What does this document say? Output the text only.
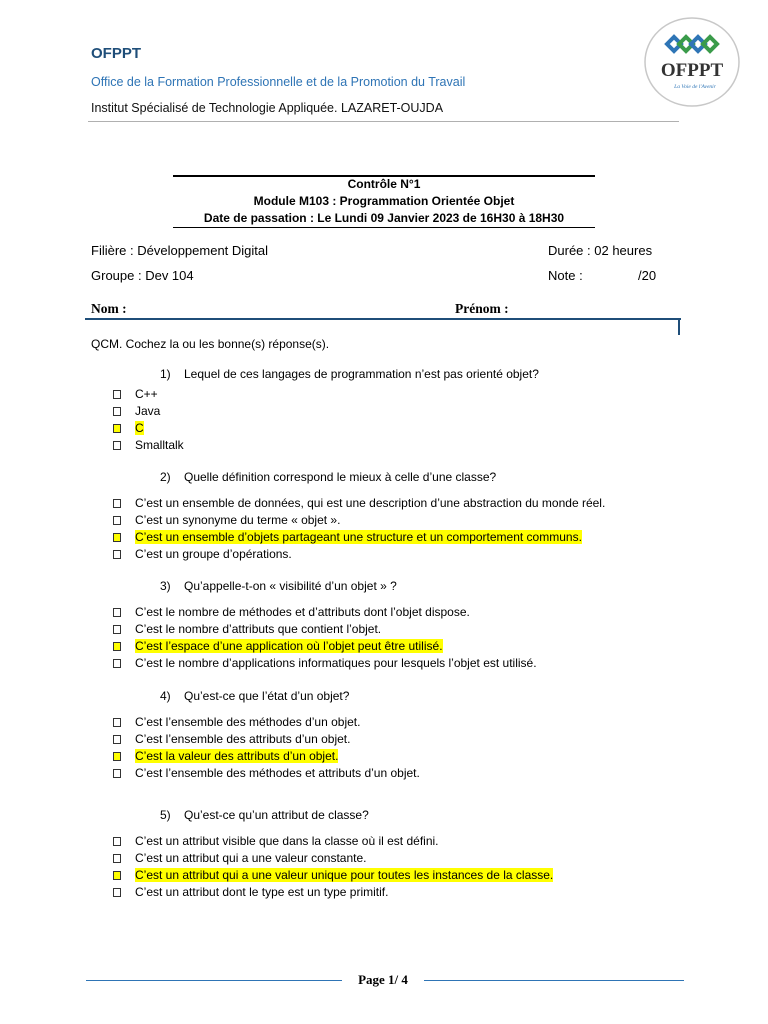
OFPPT
Office de la Formation Professionnelle et de la Promotion du Travail
Institut Spécialisé de Technologie Appliquée. LAZARET-OUJDA
OFPPT
La Voie de l'Avenir
Contrôle N°1
Module M103 : Programmation Orientée Objet
Date de passation : Le Lundi 09 Janvier 2023 de 16H30 à 18H30
Filière : Développement Digital	Durée : 02 heures
Groupe : Dev 104	Note :	/20
Nom :	Prénom :
QCM. Cochez la ou les bonne(s) réponse(s).
1) Lequel de ces langages de programmation n’est pas orienté objet?
C++
Java
C
Smalltalk
2) Quelle définition correspond le mieux à celle d’une classe?
C’est un ensemble de données, qui est une description d’une abstraction du monde réel.
C’est un synonyme du terme « objet ».
C’est un ensemble d’objets partageant une structure et un comportement communs.
C’est un groupe d’opérations.
3) Qu’appelle-t-on « visibilité d’un objet » ?
C’est le nombre de méthodes et d’attributs dont l’objet dispose.
C’est le nombre d’attributs que contient l’objet.
C’est l’espace d’une application où l’objet peut être utilisé.
C’est le nombre d’applications informatiques pour lesquels l’objet est utilisé.
4) Qu’est-ce que l’état d’un objet?
C’est l’ensemble des méthodes d’un objet.
C’est l’ensemble des attributs d’un objet.
C’est la valeur des attributs d’un objet.
C’est l’ensemble des méthodes et attributs d’un objet.
5) Qu’est-ce qu’un attribut de classe?
C’est un attribut visible que dans la classe où il est défini.
C’est un attribut qui a une valeur constante.
C’est un attribut qui a une valeur unique pour toutes les instances de la classe.
C’est un attribut dont le type est un type primitif.
Page 1/ 4
